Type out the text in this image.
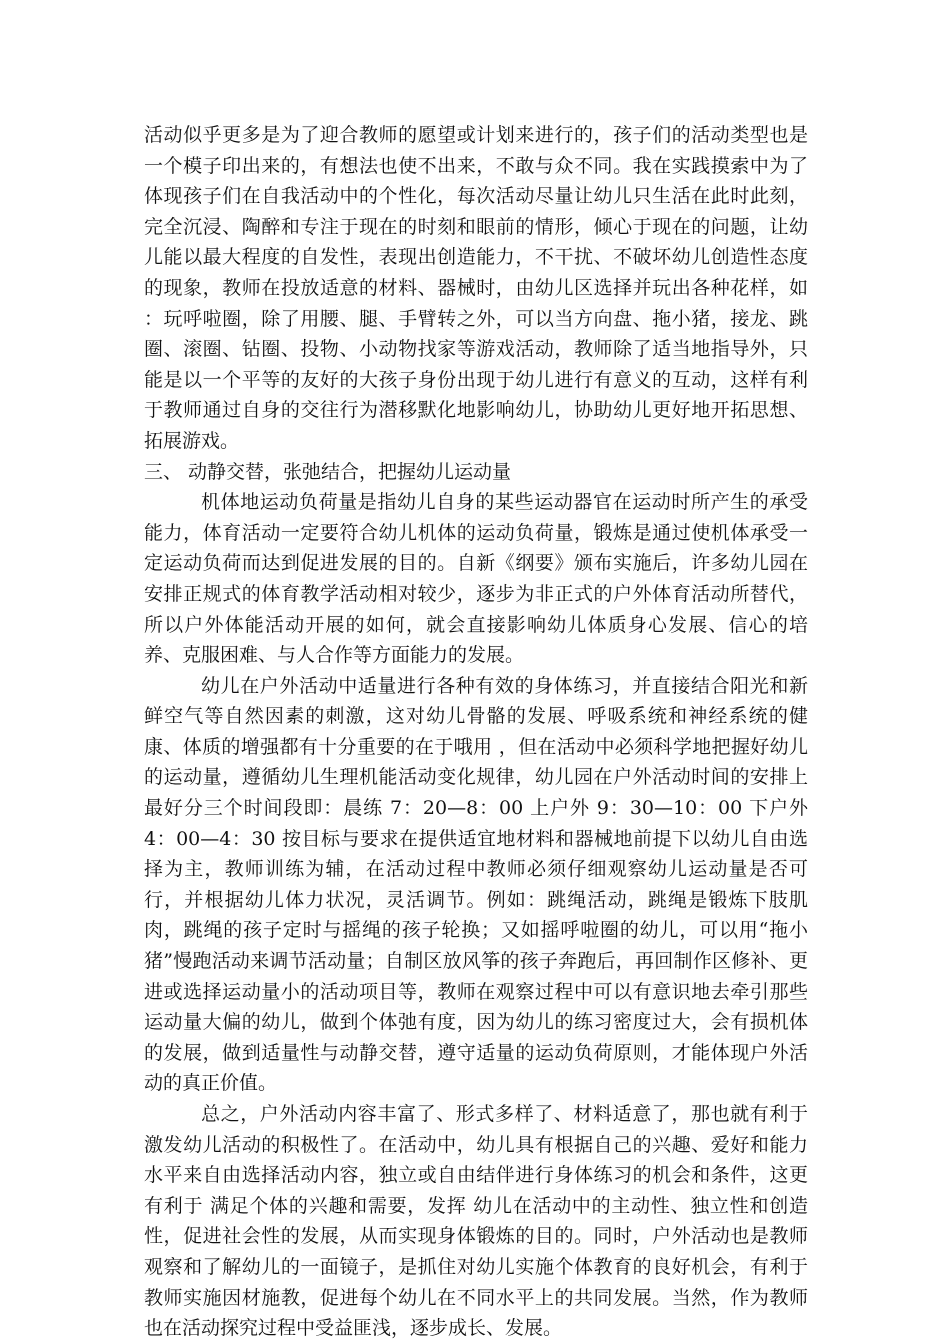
活动似乎更多是为了迎合教师的愿望或计划来进行的，孩子们的活动类型也是一个模子印出来的，有想法也使不出来，不敢与众不同。我在实践摸索中为了体现孩子们在自我活动中的个性化，每次活动尽量让幼儿只生活在此时此刻，完全沉浸、陶醉和专注于现在的时刻和眼前的情形，倾心于现在的问题，让幼儿能以最大程度的自发性，表现出创造能力，不干扰、不破坏幼儿创造性态度的现象，教师在投放适意的材料、器械时，由幼儿区选择并玩出各种花样，如 ：玩呼啦圈，除了用腰、腿、手臂转之外，可以当方向盘、拖小猪，接龙、跳圈、滚圈、钻圈、投物、小动物找家等游戏活动，教师除了适当地指导外，只能是以一个平等的友好的大孩子身份出现于幼儿进行有意义的互动，这样有利于教师通过自身的交往行为潜移默化地影响幼儿，协助幼儿更好地开拓思想、拓展游戏。

三、 动静交替，张弛结合，把握幼儿运动量

机体地运动负荷量是指幼儿自身的某些运动器官在运动时所产生的承受能力，体育活动一定要符合幼儿机体的运动负荷量，锻炼是通过使机体承受一定运动负荷而达到促进发展的目的。自新《纲要》颁布实施后，许多幼儿园在安排正规式的体育教学活动相对较少，逐步为非正式的户外体育活动所替代，所以户外体能活动开展的如何，就会直接影响幼儿体质身心发展、信心的培养、克服困难、与人合作等方面能力的发展。

幼儿在户外活动中适量进行各种有效的身体练习，并直接结合阳光和新鲜空气等自然因素的刺激，这对幼儿骨骼的发展、呼吸系统和神经系统的健康、体质的增强都有十分重要的在于哦用 ，但在活动中必须科学地把握好幼儿的运动量，遵循幼儿生理机能活动变化规律，幼儿园在户外活动时间的安排上最好分三个时间段即：晨练 7：20—8：00 上户外 9：30—10：00 下户外 4：00—4：30 按目标与要求在提供适宜地材料和器械地前提下以幼儿自由选择为主，教师训练为辅，在活动过程中教师必须仔细观察幼儿运动量是否可行，并根据幼儿体力状况，灵活调节。例如：跳绳活动，跳绳是锻炼下肢肌肉，跳绳的孩子定时与摇绳的孩子轮换；又如摇呼啦圈的幼儿，可以用“拖小猪”慢跑活动来调节活动量；自制区放风筝的孩子奔跑后，再回制作区修补、更进或选择运动量小的活动项目等，教师在观察过程中可以有意识地去牵引那些运动量大偏的幼儿，做到个体弛有度，因为幼儿的练习密度过大，会有损机体的发展，做到适量性与动静交替，遵守适量的运动负荷原则，才能体现户外活动的真正价值。

总之，户外活动内容丰富了、形式多样了、材料适意了，那也就有利于激发幼儿活动的积极性了。在活动中，幼儿具有根据自己的兴趣、爱好和能力水平来自由选择活动内容，独立或自由结伴进行身体练习的机会和条件，这更有利于 满足个体的兴趣和需要，发挥 幼儿在活动中的主动性、独立性和创造性，促进社会性的发展，从而实现身体锻炼的目的。同时，户外活动也是教师观察和了解幼儿的一面镜子，是抓住对幼儿实施个体教育的良好机会，有利于教师实施因材施教，促进每个幼儿在不同水平上的共同发展。当然，作为教师也在活动探究过程中受益匪浅，逐步成长、发展。
